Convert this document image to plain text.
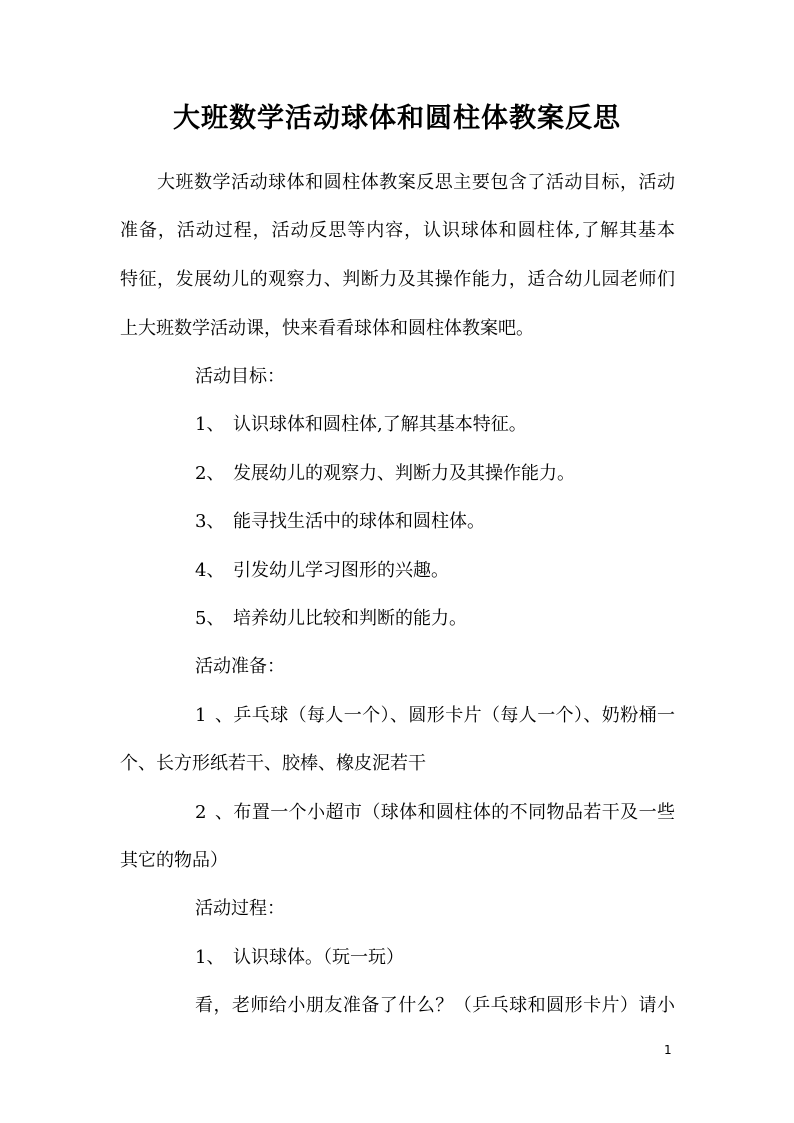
大班数学活动球体和圆柱体教案反思
大班数学活动球体和圆柱体教案反思主要包含了活动目标，活动
准备，活动过程，活动反思等内容，认识球体和圆柱体,了解其基本
特征，发展幼儿的观察力、判断力及其操作能力，适合幼儿园老师们
上大班数学活动课，快来看看球体和圆柱体教案吧。
活动目标：
1、 认识球体和圆柱体,了解其基本特征。
2、 发展幼儿的观察力、判断力及其操作能力。
3、 能寻找生活中的球体和圆柱体。
4、 引发幼儿学习图形的兴趣。
5、 培养幼儿比较和判断的能力。
活动准备：
1、乒乓球（每人一个）、圆形卡片（每人一个）、奶粉桶一
个、长方形纸若干、胶棒、橡皮泥若干
2、布置一个小超市（球体和圆柱体的不同物品若干及一些
其它的物品）
活动过程：
1、 认识球体。（玩一玩）
看，老师给小朋友准备了什么？（乒乓球和圆形卡片）请小
1
